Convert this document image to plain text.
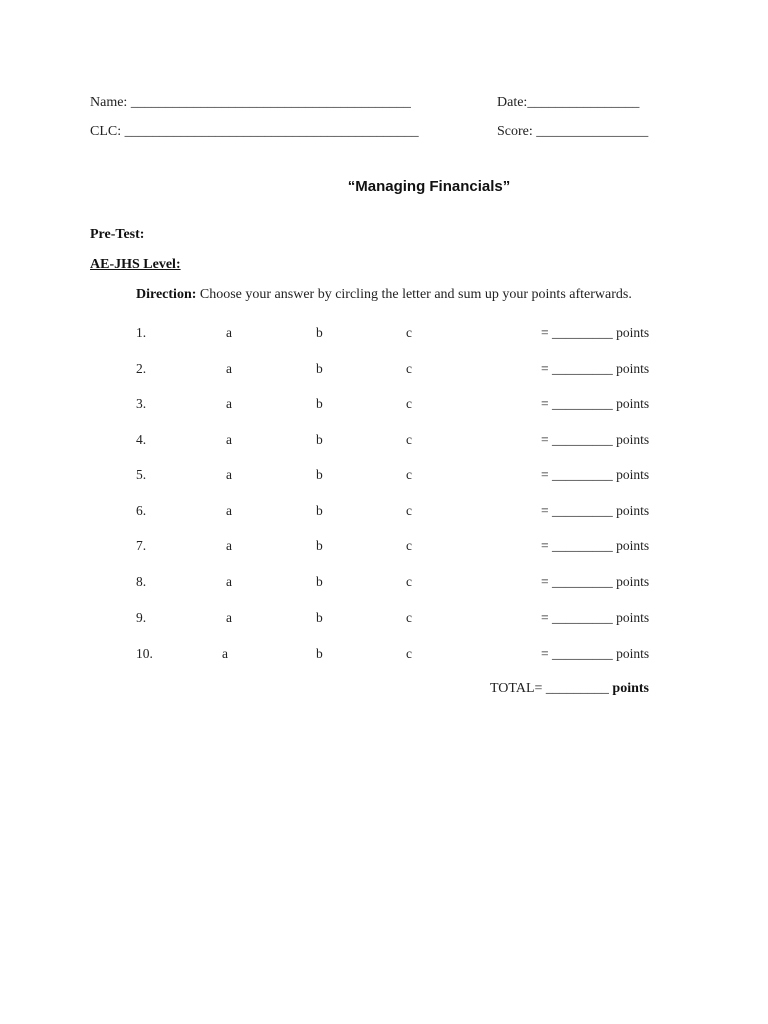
Name: ________________________________________	Date:________________
CLC: __________________________________________	Score: ________________
“Managing Financials”
Pre-Test:
AE-JHS Level:
Direction: Choose your answer by circling the letter and sum up your points afterwards.
1.	a	b	c	= _________ points
2.	a	b	c	= _________ points
3.	a	b	c	= _________ points
4.	a	b	c	= _________ points
5.	a	b	c	= _________ points
6.	a	b	c	= _________ points
7.	a	b	c	= _________ points
8.	a	b	c	= _________ points
9.	a	b	c	= _________ points
10.	a	b	c	= _________ points
TOTAL= _________ points
